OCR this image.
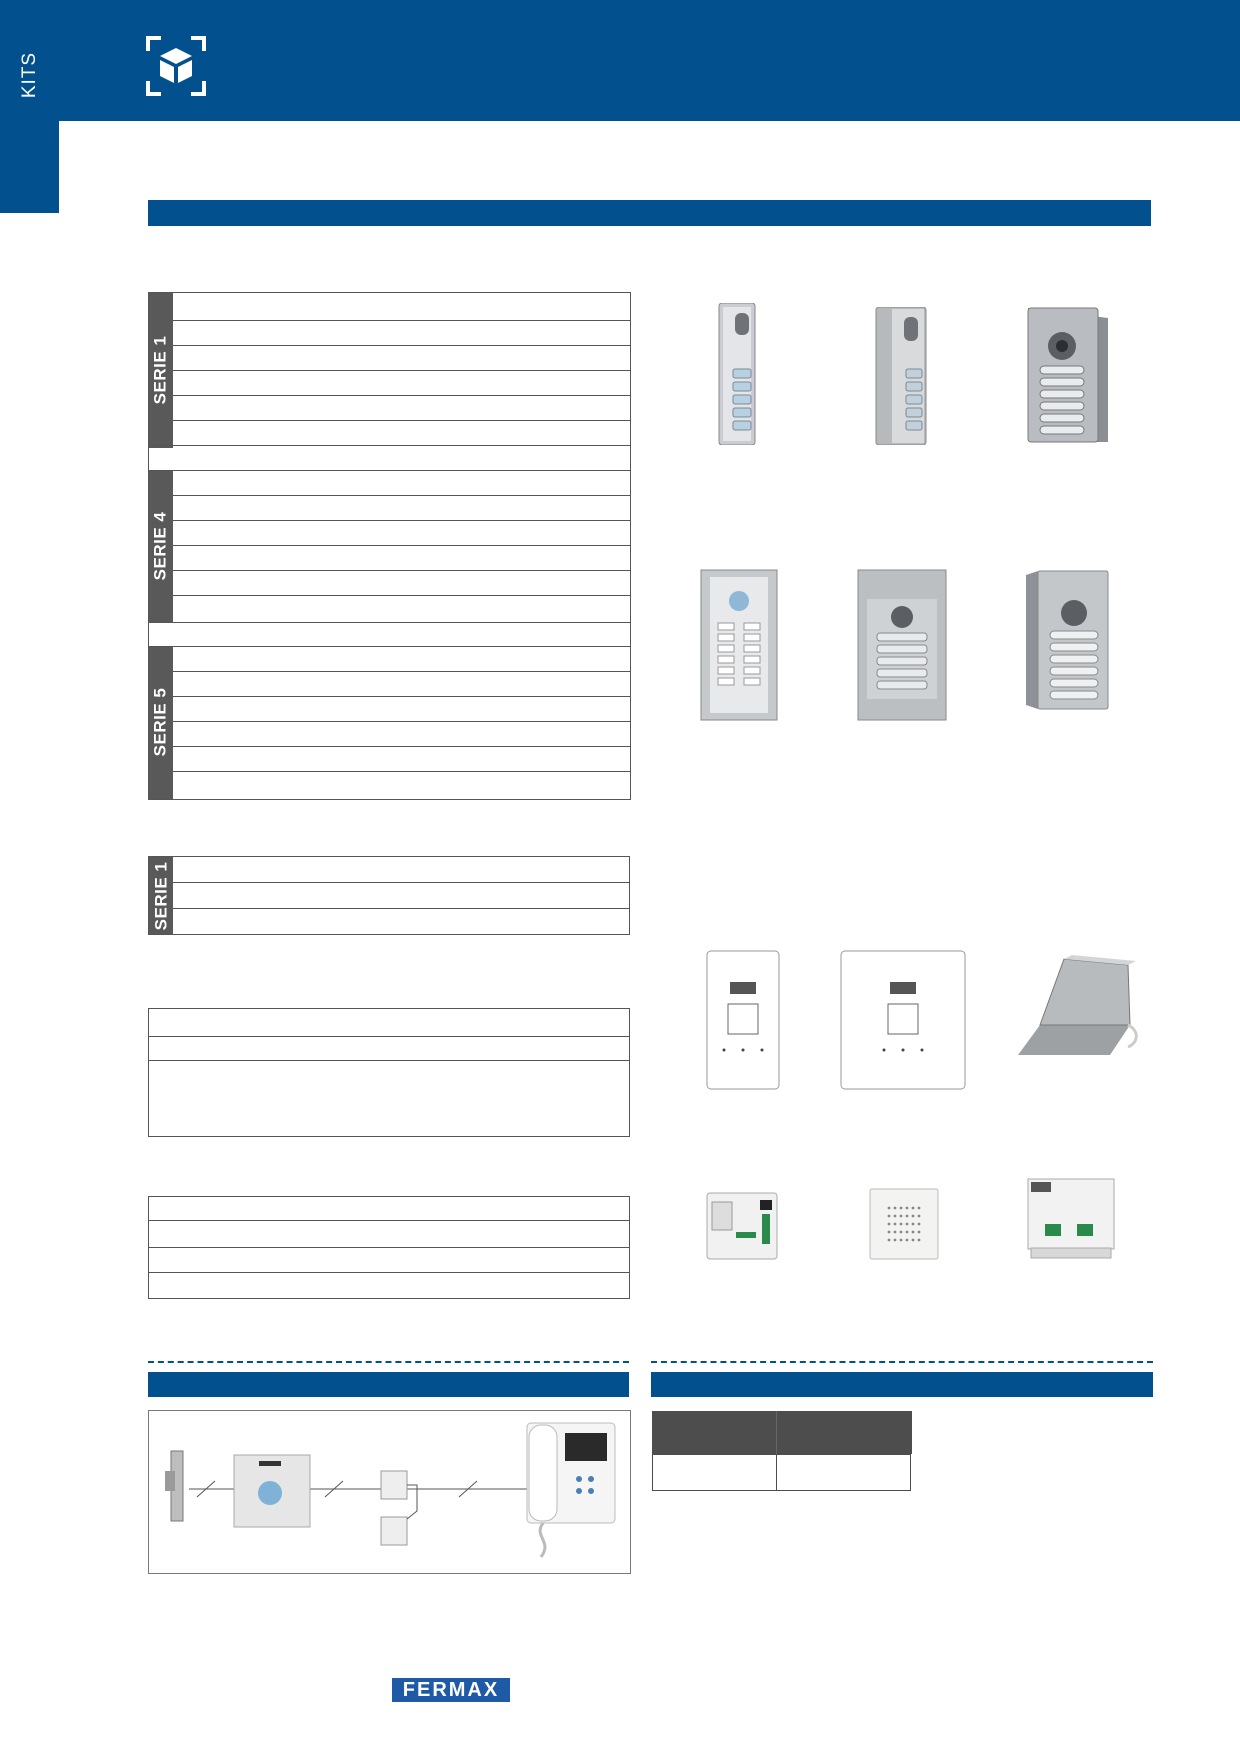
KITS
SERIE 1
SERIE 4
SERIE 5
SERIE 1
FERMAX
